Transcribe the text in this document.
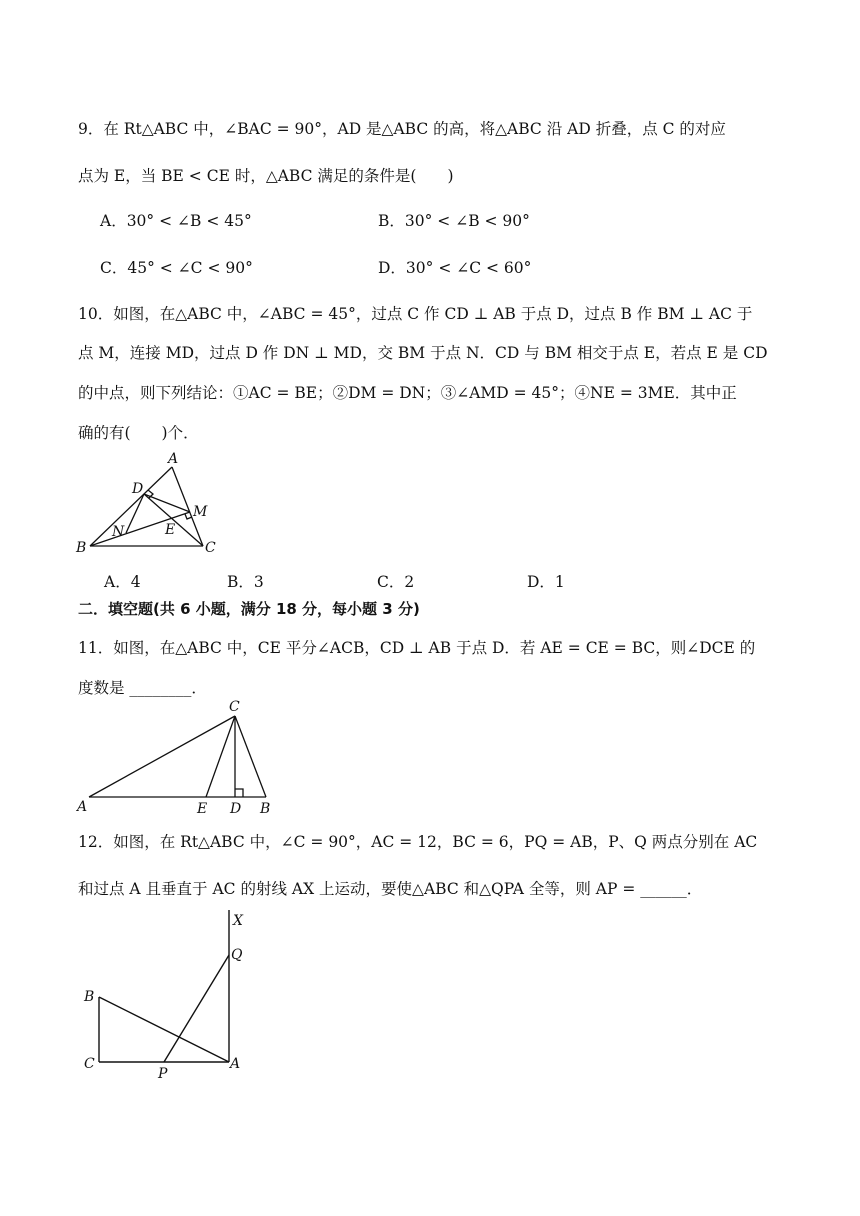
9．在 Rt△ABC 中，∠BAC = 90°，AD 是△ABC 的高，将△ABC 沿 AD 折叠，点 C 的对应
点为 E，当 BE < CE 时，△ABC 满足的条件是(　　)
A．30° < ∠B < 45°	B．30° < ∠B < 90°
C．45° < ∠C < 90°	D．30° < ∠C < 60°
10．如图，在△ABC 中，∠ABC = 45°，过点 C 作 CD ⊥ AB 于点 D，过点 B 作 BM ⊥ AC 于
点 M，连接 MD，过点 D 作 DN ⊥ MD，交 BM 于点 N．CD 与 BM 相交于点 E，若点 E 是 CD
的中点，则下列结论：①AC = BE；②DM = DN；③∠AMD = 45°；④NE = 3ME．其中正
确的有(　　)个．
A
D
M
N	E
B	C
A．4	B．3	C．2	D．1
二．填空题(共 6 小题，满分 18 分，每小题 3 分)
11．如图，在△ABC 中，CE 平分∠ACB，CD ⊥ AB 于点 D．若 AE = CE = BC，则∠DCE 的
度数是 ________．
C
A	E D B
12．如图，在 Rt△ABC 中，∠C = 90°，AC = 12，BC = 6，PQ = AB，P、Q 两点分别在 AC
和过点 A 且垂直于 AC 的射线 AX 上运动，要使△ABC 和△QPA 全等，则 AP = ______．
X
Q
B
C
P
A
